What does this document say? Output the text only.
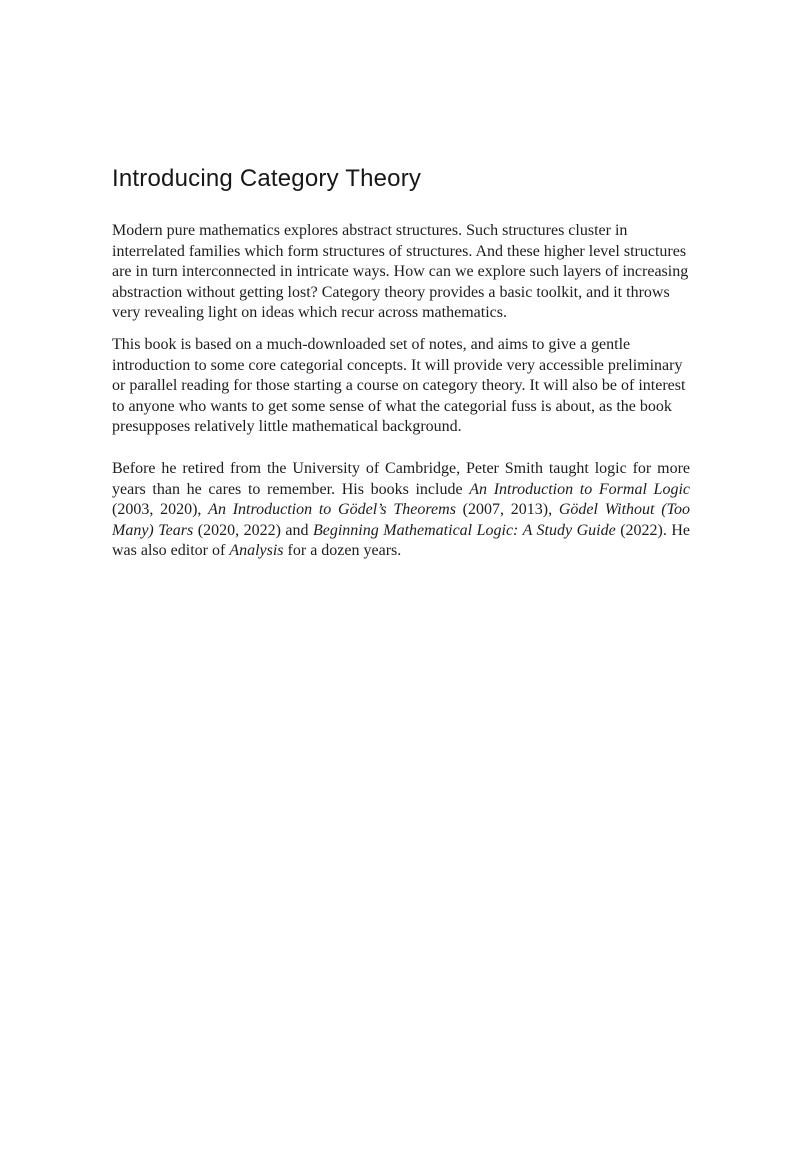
Introducing Category Theory

Modern pure mathematics explores abstract structures. Such structures cluster in interrelated families which form structures of structures. And these higher level structures are in turn interconnected in intricate ways. How can we explore such layers of increasing abstraction without getting lost? Category theory provides a basic toolkit, and it throws very revealing light on ideas which recur across mathematics.

This book is based on a much-downloaded set of notes, and aims to give a gentle introduction to some core categorial concepts. It will provide very accessible preliminary or parallel reading for those starting a course on category theory. It will also be of interest to anyone who wants to get some sense of what the categorial fuss is about, as the book presupposes relatively little mathematical background.

Before he retired from the University of Cambridge, Peter Smith taught logic for more years than he cares to remember. His books include An Introduction to Formal Logic (2003, 2020), An Introduction to Gödel’s Theorems (2007, 2013), Gödel Without (Too Many) Tears (2020, 2022) and Beginning Mathematical Logic: A Study Guide (2022). He was also editor of Analysis for a dozen years.
